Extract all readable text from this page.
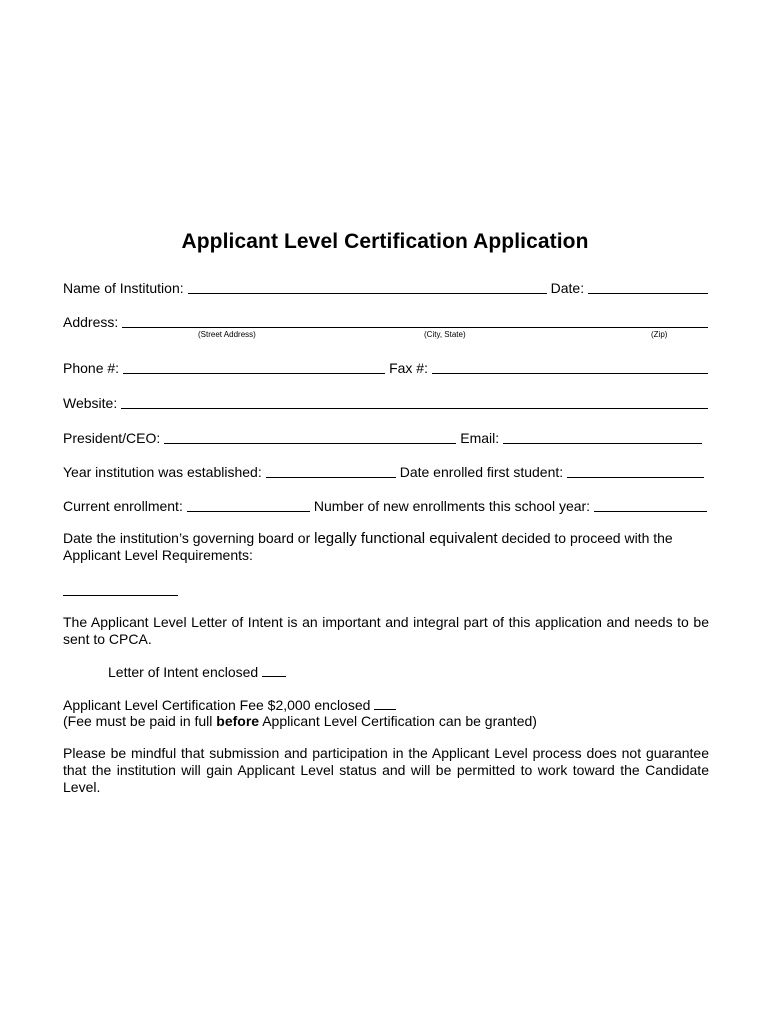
Applicant Level Certification Application
Name of Institution:	Date:
Address:
(Street Address)	(City, State)	(Zip)
Phone #:	Fax #:
Website:
President/CEO:	Email:
Year institution was established:	Date enrolled first student:
Current enrollment:	Number of new enrollments this school year:

Date the institution’s governing board or legally functional equivalent decided to proceed with the Applicant Level Requirements:

The Applicant Level Letter of Intent is an important and integral part of this application and needs to be sent to CPCA.

Letter of Intent enclosed

Applicant Level Certification Fee $2,000 enclosed

(Fee must be paid in full before Applicant Level Certification can be granted)

Please be mindful that submission and participation in the Applicant Level process does not guarantee that the institution will gain Applicant Level status and will be permitted to work toward the Candidate Level.
